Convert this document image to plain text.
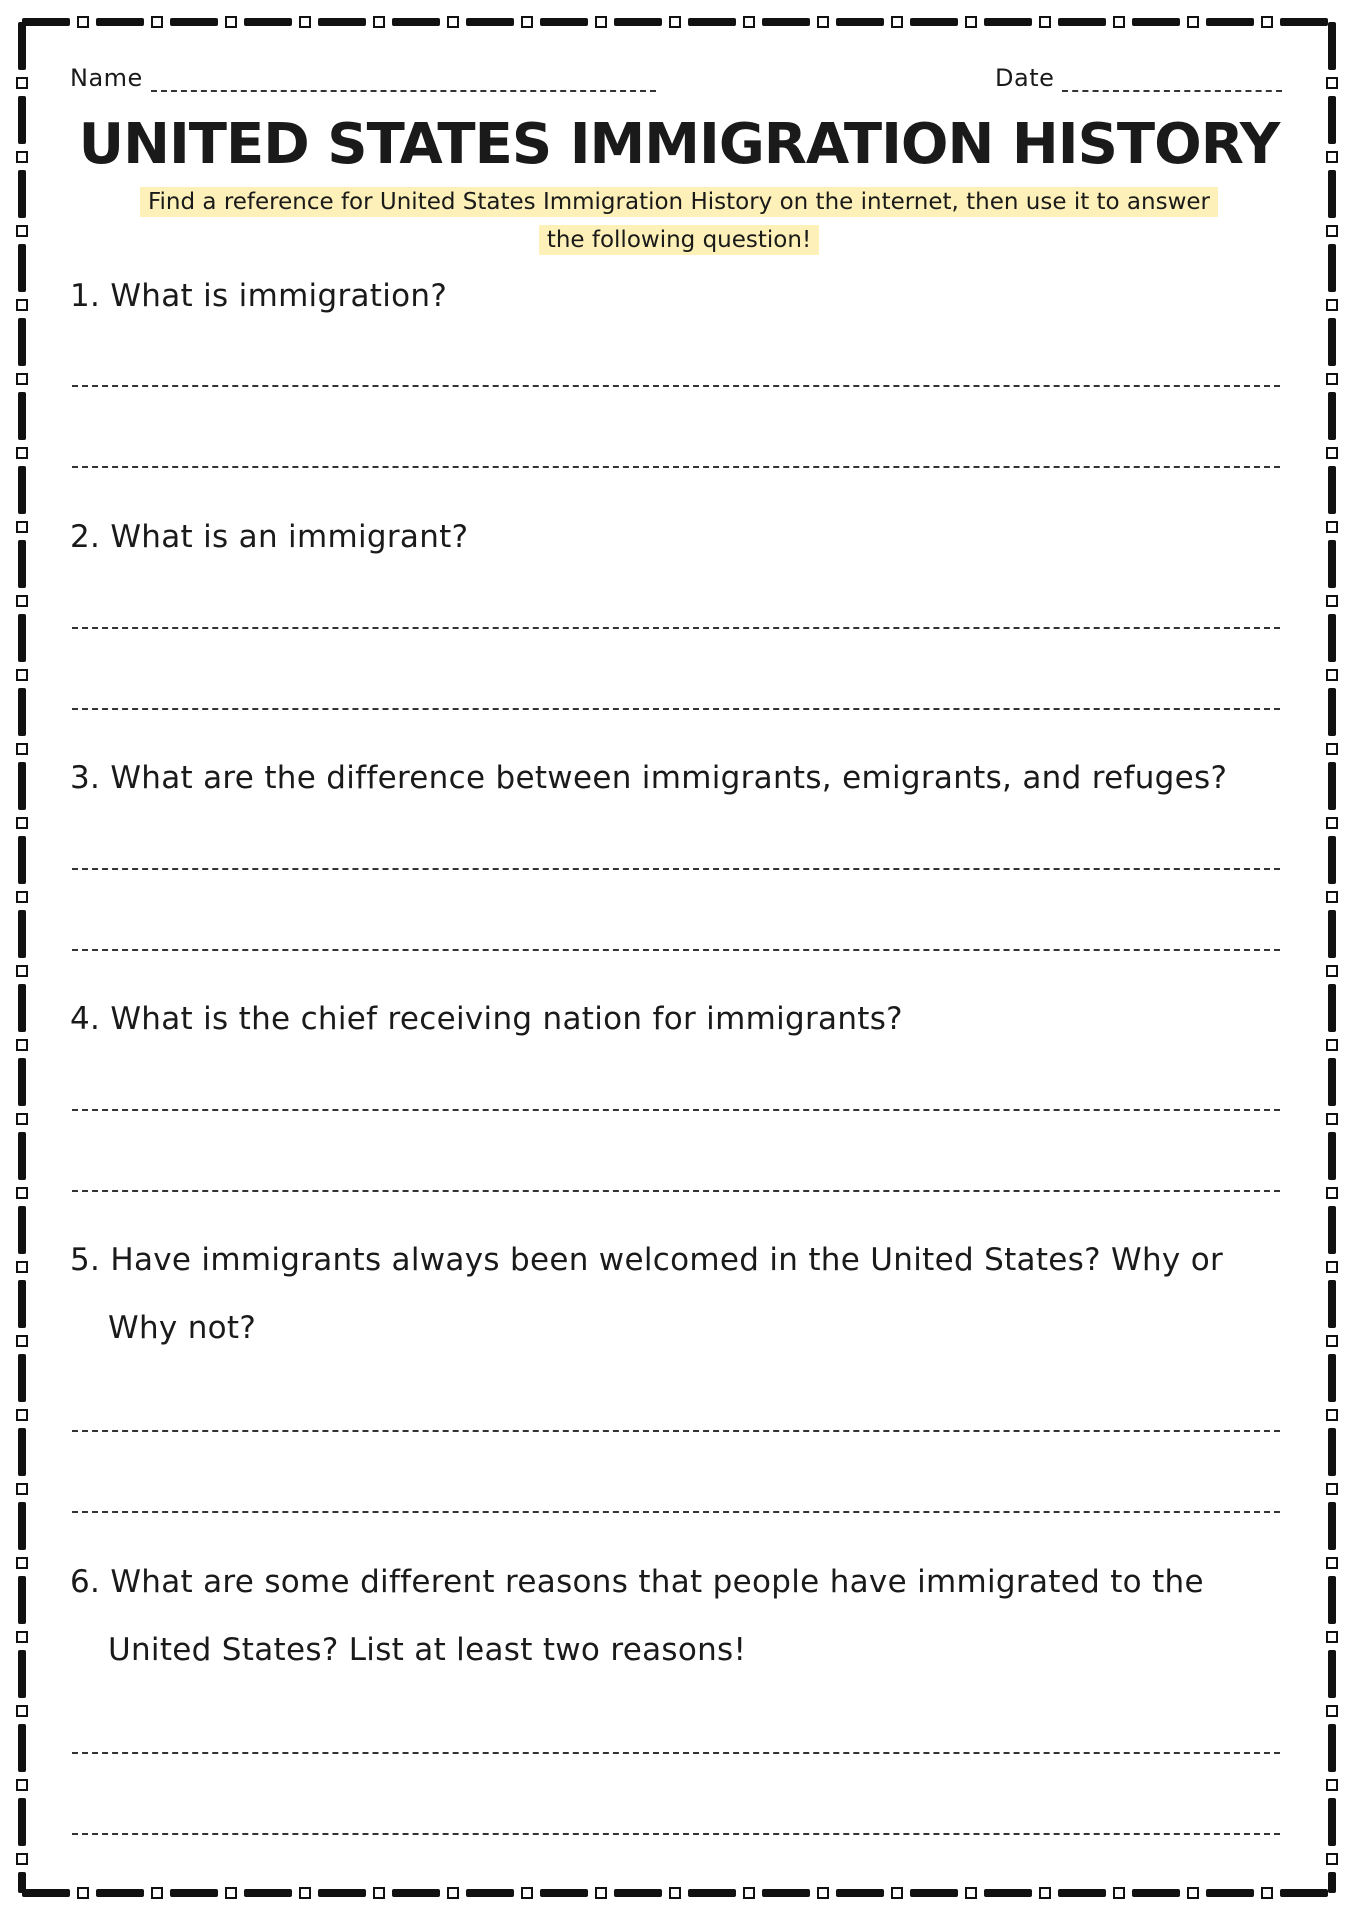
Name	Date
UNITED STATES IMMIGRATION HISTORY
Find a reference for United States Immigration History on the internet, then use it to answer
the following question!
1. What is immigration?
2. What is an immigrant?
3. What are the difference between immigrants, emigrants, and refuges?
4. What is the chief receiving nation for immigrants?
5. Have immigrants always been welcomed in the United States? Why or
Why not?
6. What are some different reasons that people have immigrated to the
United States? List at least two reasons!
